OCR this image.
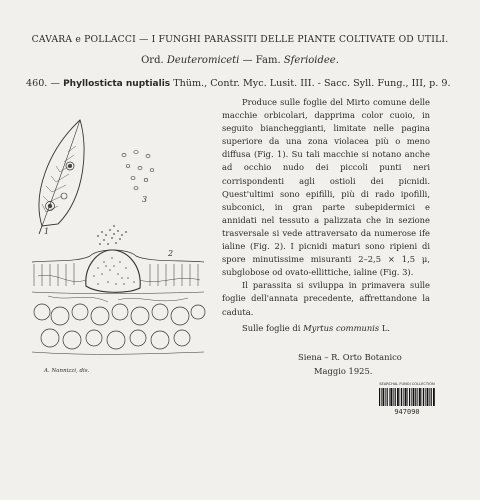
CAVARA e POLLACCI — I FUNGHI PARASSITI DELLE PIANTE COLTIVATE OD UTILI.
Ord. Deuteromiceti — Fam. Sferioidee.
460. — Phyllosticta nuptialis Thüm., Contr. Myc. Lusit. III. - Sacc. Syll. Fung., III, p. 9.
1
3
2
A. Nannizzi, dis.

Produce sulle foglie del Mirto comune delle macchie orbicolari, dapprima color cuoio, in seguito biancheggianti, limitate nelle pagina superiore da una zona violacea più o meno diffusa (Fig. 1). Su tali macchie si notano anche ad occhio nudo dei piccoli punti neri corrispondenti agli ostioli dei picnidi. Quest'ultimi sono epifilli, più di rado ipofilli, subconici, in gran parte subepidermici e annidati nel tessuto a palizzata che in sezione trasversale si vede attraversato da numerose ife ialine (Fig. 2). I picnidi maturi sono ripieni di spore minutissime misuranti 2–2,5 × 1,5 μ, subglobose od ovato-ellittiche, ialine (Fig. 3).

Il parassita si sviluppa in primavera sulle foglie dell'annata precedente, affrettandone la caduta.

Sulle foglie di Myrtus communis L.
Siena – R. Orto Botanico
Maggio 1925.
SEARCHAL FUNGI COLLECTION
947090
